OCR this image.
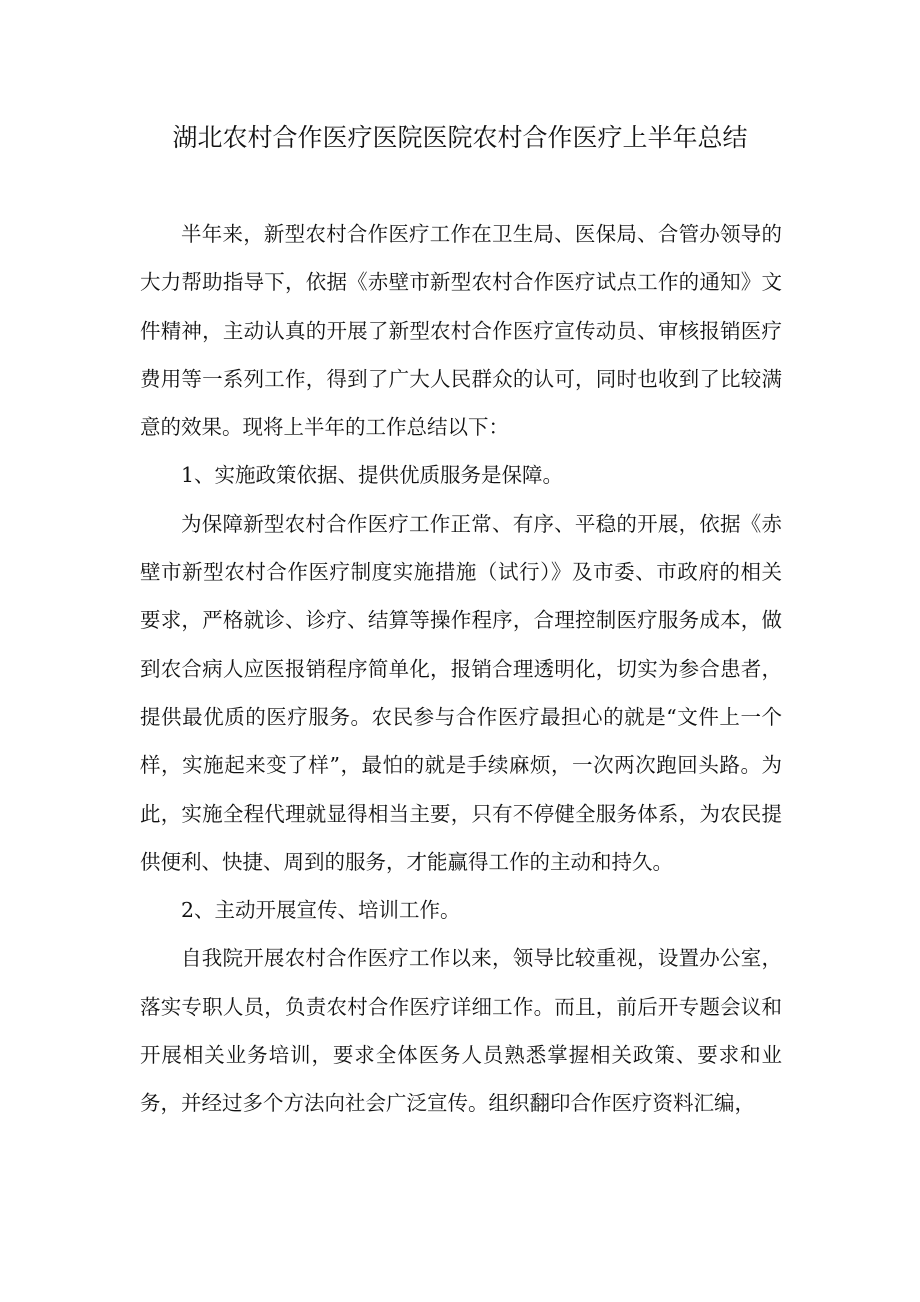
湖北农村合作医疗医院医院农村合作医疗上半年总结

半年来，新型农村合作医疗工作在卫生局、医保局、合管办领导的大力帮助指导下，依据《赤壁市新型农村合作医疗试点工作的通知》文件精神，主动认真的开展了新型农村合作医疗宣传动员、审核报销医疗费用等一系列工作，得到了广大人民群众的认可，同时也收到了比较满意的效果。现将上半年的工作总结以下：

1、实施政策依据、提供优质服务是保障。

为保障新型农村合作医疗工作正常、有序、平稳的开展，依据《赤壁市新型农村合作医疗制度实施措施（试行）》及市委、市政府的相关要求，严格就诊、诊疗、结算等操作程序，合理控制医疗服务成本，做到农合病人应医报销程序简单化，报销合理透明化，切实为参合患者，提供最优质的医疗服务。农民参与合作医疗最担心的就是“文件上一个样，实施起来变了样”，最怕的就是手续麻烦，一次两次跑回头路。为此，实施全程代理就显得相当主要，只有不停健全服务体系，为农民提供便利、快捷、周到的服务，才能赢得工作的主动和持久。

2、主动开展宣传、培训工作。

自我院开展农村合作医疗工作以来，领导比较重视，设置办公室，落实专职人员，负责农村合作医疗详细工作。而且，前后开专题会议和开展相关业务培训，要求全体医务人员熟悉掌握相关政策、要求和业务，并经过多个方法向社会广泛宣传。组织翻印合作医疗资料汇编，
